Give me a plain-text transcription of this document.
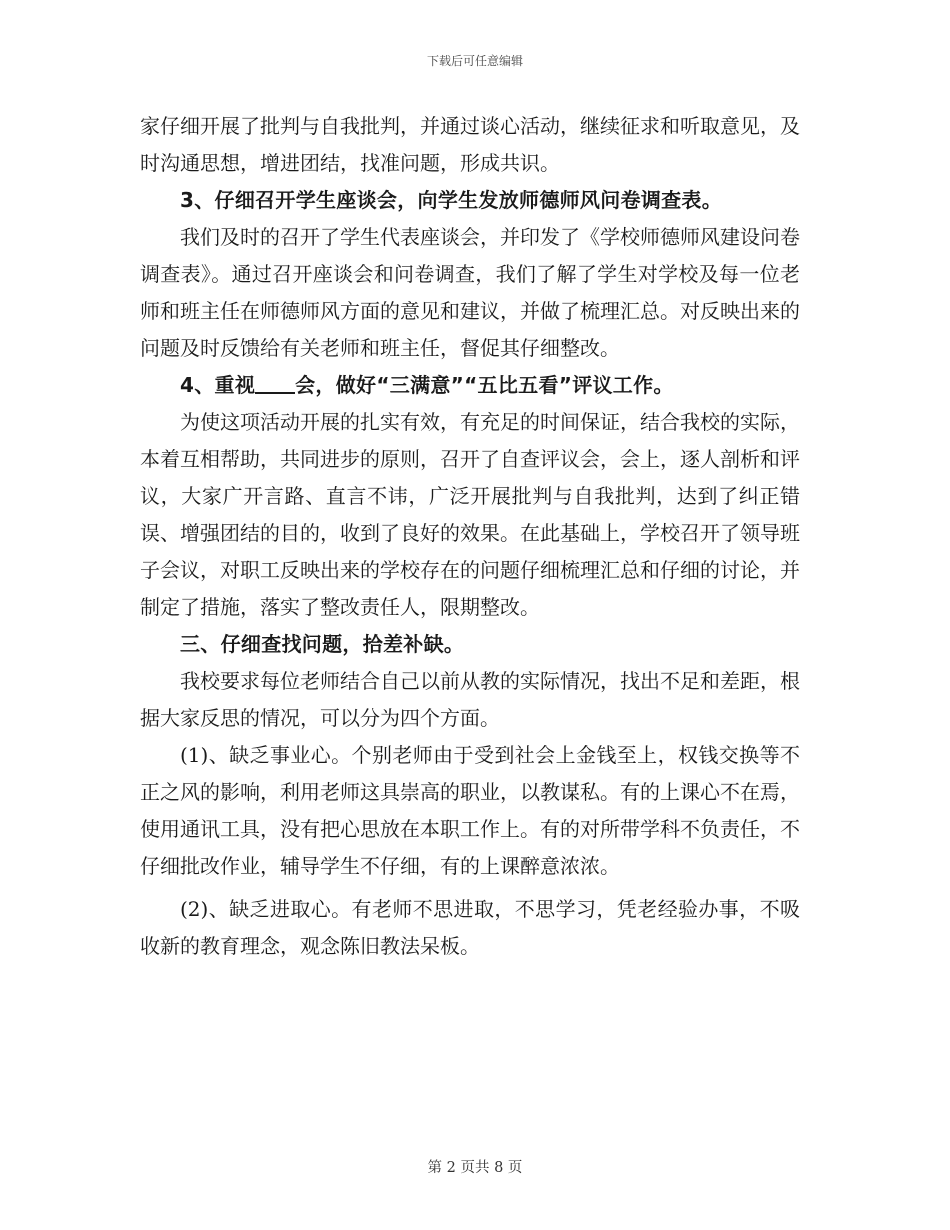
下载后可任意编辑

家仔细开展了批判与自我批判，并通过谈心活动，继续征求和听取意见，及时沟通思想，增进团结，找准问题，形成共识。

3、仔细召开学生座谈会，向学生发放师德师风问卷调查表。

我们及时的召开了学生代表座谈会，并印发了《学校师德师风建设问卷调查表》。通过召开座谈会和问卷调查，我们了解了学生对学校及每一位老师和班主任在师德师风方面的意见和建议，并做了梳理汇总。对反映出来的问题及时反馈给有关老师和班主任，督促其仔细整改。

4、重视 会，做好“三满意”“五比五看”评议工作。

为使这项活动开展的扎实有效，有充足的时间保证，结合我校的实际，本着互相帮助，共同进步的原则，召开了自查评议会，会上，逐人剖析和评议，大家广开言路、直言不讳，广泛开展批判与自我批判，达到了纠正错误、增强团结的目的，收到了良好的效果。在此基础上，学校召开了领导班子会议，对职工反映出来的学校存在的问题仔细梳理汇总和仔细的讨论，并制定了措施，落实了整改责任人，限期整改。

三、仔细查找问题，拾差补缺。

我校要求每位老师结合自己以前从教的实际情况，找出不足和差距，根据大家反思的情况，可以分为四个方面。

(1)、缺乏事业心。个别老师由于受到社会上金钱至上，权钱交换等不正之风的影响，利用老师这具崇高的职业，以教谋私。有的上课心不在焉，使用通讯工具，没有把心思放在本职工作上。有的对所带学科不负责任，不仔细批改作业，辅导学生不仔细，有的上课醉意浓浓。

(2)、缺乏进取心。有老师不思进取，不思学习，凭老经验办事，不吸收新的教育理念，观念陈旧教法呆板。

第 2 页共 8 页
